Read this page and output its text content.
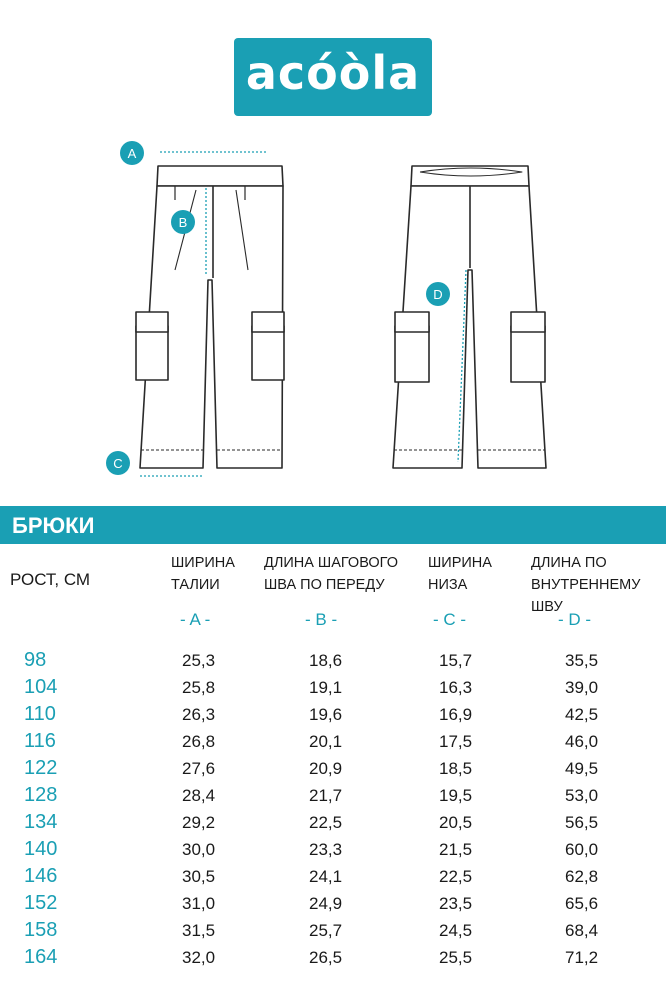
acóòla
A
B
C
D
БРЮКИ
РОСТ, СМ
ШИРИНА
ТАЛИИ
ДЛИНА ШАГОВОГО
ШВА ПО ПЕРЕДУ
ШИРИНА
НИЗА
ДЛИНА ПО
ВНУТРЕННЕМУ ШВУ
- A -	- B -	- C -	- D -
98	25,3	18,6	15,7	35,5
104	25,8	19,1	16,3	39,0
110	26,3	19,6	16,9	42,5
116	26,8	20,1	17,5	46,0
122	27,6	20,9	18,5	49,5
128	28,4	21,7	19,5	53,0
134	29,2	22,5	20,5	56,5
140	30,0	23,3	21,5	60,0
146	30,5	24,1	22,5	62,8
152	31,0	24,9	23,5	65,6
158	31,5	25,7	24,5	68,4
164	32,0	26,5	25,5	71,2
